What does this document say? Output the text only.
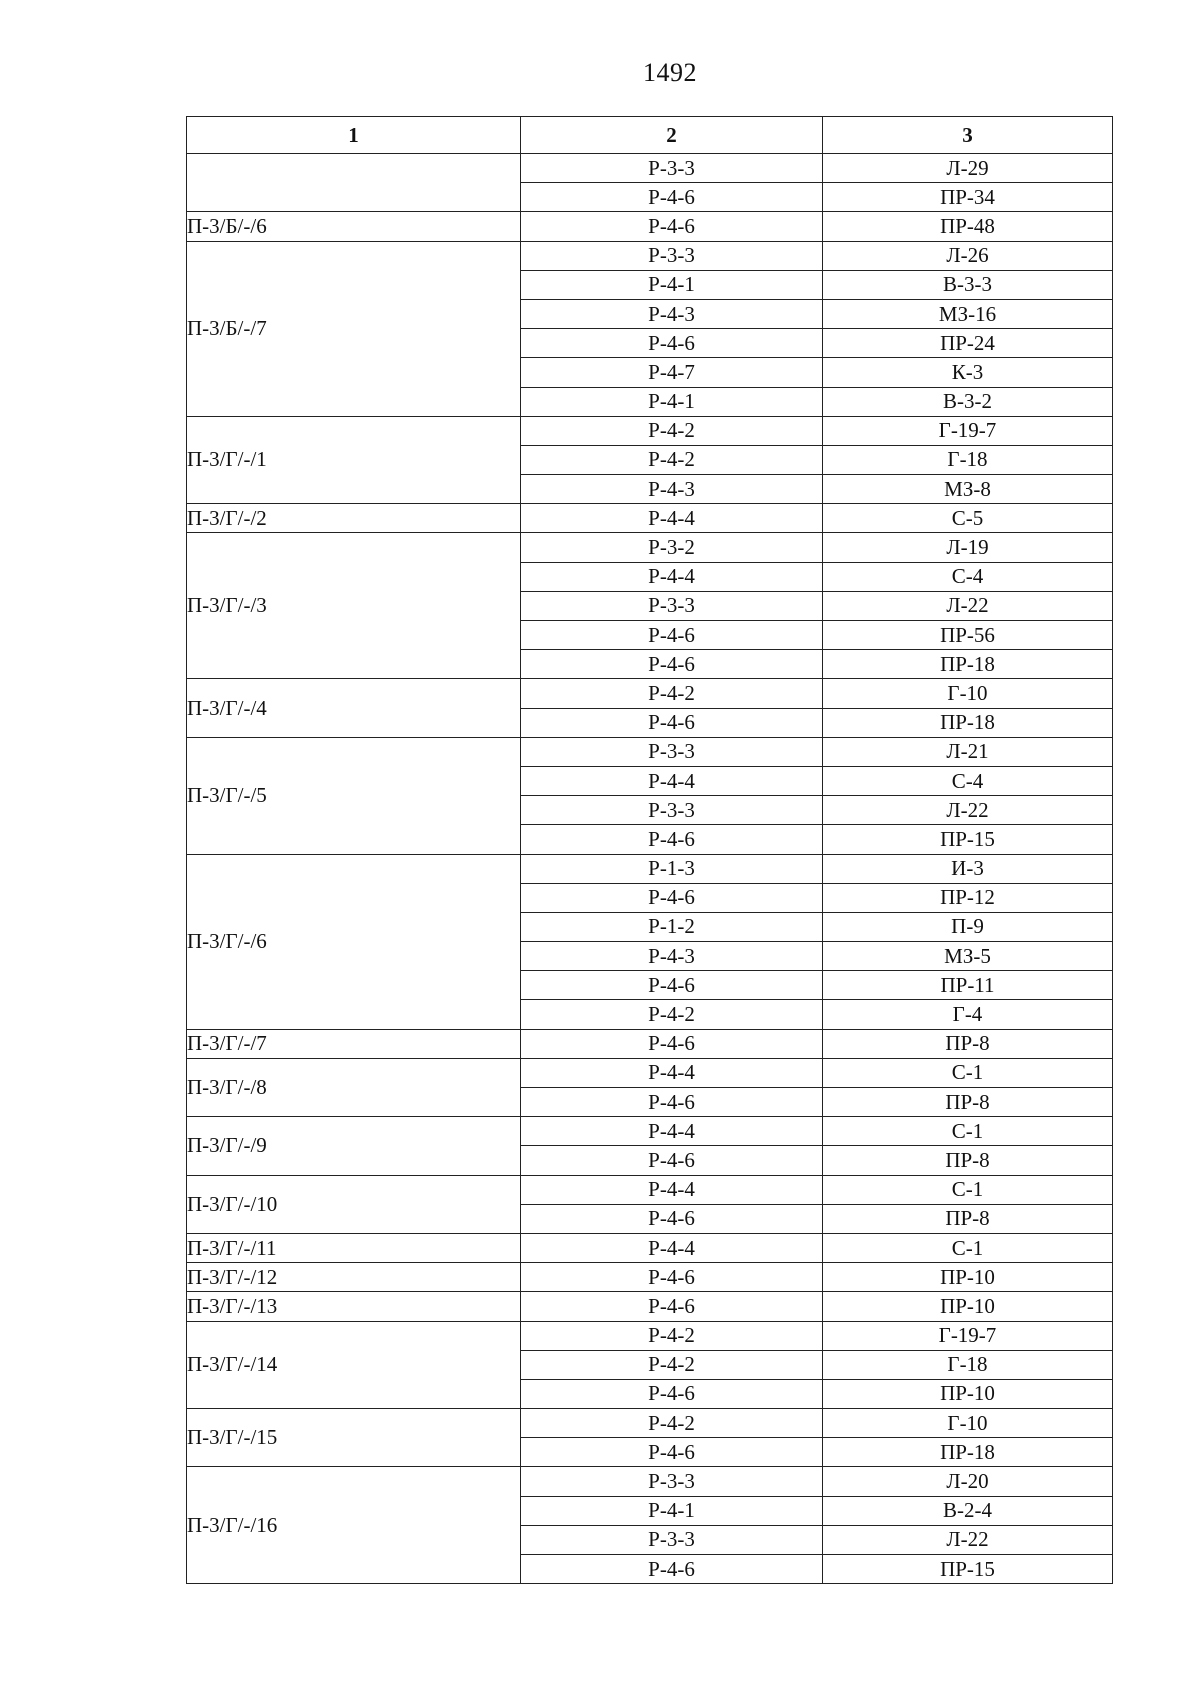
1492
1	2	3
	Р-3-3	Л-29
	Р-4-6	ПР-34
П-3/Б/-/6	Р-4-6	ПР-48
П-3/Б/-/7	Р-3-3	Л-26
	Р-4-1	В-3-3
	Р-4-3	МЗ-16
	Р-4-6	ПР-24
	Р-4-7	К-3
	Р-4-1	В-3-2
П-3/Г/-/1	Р-4-2	Г-19-7
	Р-4-2	Г-18
	Р-4-3	МЗ-8
П-3/Г/-/2	Р-4-4	С-5
П-3/Г/-/3	Р-3-2	Л-19
	Р-4-4	С-4
	Р-3-3	Л-22
	Р-4-6	ПР-56
	Р-4-6	ПР-18
П-3/Г/-/4	Р-4-2	Г-10
	Р-4-6	ПР-18
П-3/Г/-/5	Р-3-3	Л-21
	Р-4-4	С-4
	Р-3-3	Л-22
	Р-4-6	ПР-15
П-3/Г/-/6	Р-1-3	И-3
	Р-4-6	ПР-12
	Р-1-2	П-9
	Р-4-3	МЗ-5
	Р-4-6	ПР-11
	Р-4-2	Г-4
П-3/Г/-/7	Р-4-6	ПР-8
П-3/Г/-/8	Р-4-4	С-1
	Р-4-6	ПР-8
П-3/Г/-/9	Р-4-4	С-1
	Р-4-6	ПР-8
П-3/Г/-/10	Р-4-4	С-1
	Р-4-6	ПР-8
П-3/Г/-/11	Р-4-4	С-1
П-3/Г/-/12	Р-4-6	ПР-10
П-3/Г/-/13	Р-4-6	ПР-10
П-3/Г/-/14	Р-4-2	Г-19-7
	Р-4-2	Г-18
	Р-4-6	ПР-10
П-3/Г/-/15	Р-4-2	Г-10
	Р-4-6	ПР-18
П-3/Г/-/16	Р-3-3	Л-20
	Р-4-1	В-2-4
	Р-3-3	Л-22
	Р-4-6	ПР-15
